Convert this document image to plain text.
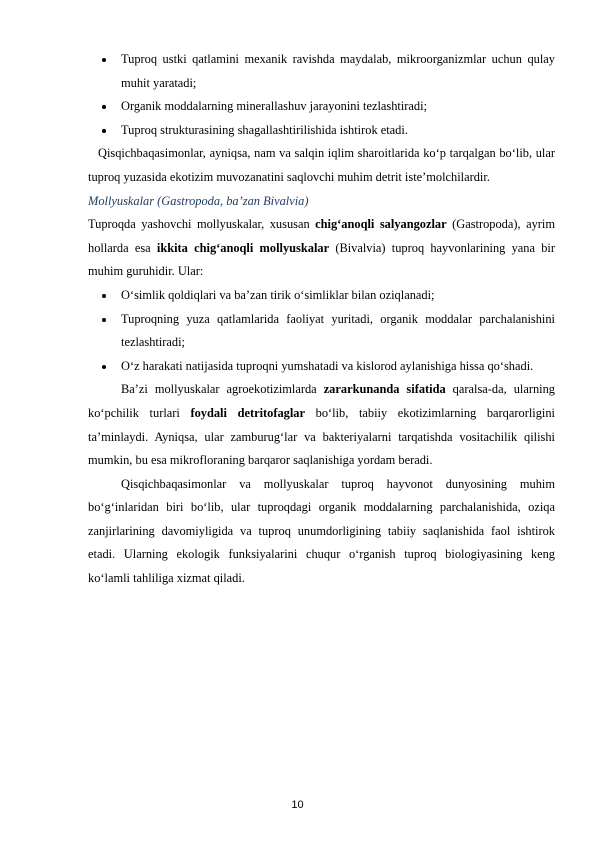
Tuproq ustki qatlamini mexanik ravishda maydalab, mikroorganizmlar uchun qulay muhit yaratadi;
Organik moddalarning minerallashuv jarayonini tezlashtiradi;
Tuproq strukturasining shagallashtirilishida ishtirok etadi.

Qisqichbaqasimonlar, ayniqsa, nam va salqin iqlim sharoitlarida ko‘p tarqalgan bo‘lib, ular tuproq yuzasida ekotizim muvozanatini saqlovchi muhim detrit iste’molchilardir.

Mollyuskalar (Gastropoda, ba’zan Bivalvia)

Tuproqda yashovchi mollyuskalar, xususan chig‘anoqli salyangozlar (Gastropoda), ayrim hollarda esa ikkita chig‘anoqli mollyuskalar (Bivalvia) tuproq hayvonlarining yana bir muhim guruhidir. Ular:

O‘simlik qoldiqlari va ba’zan tirik o‘simliklar bilan oziqlanadi;
Tuproqning yuza qatlamlarida faoliyat yuritadi, organik moddalar parchalanishini tezlashtiradi;
O‘z harakati natijasida tuproqni yumshatadi va kislorod aylanishiga hissa qo‘shadi.

Ba’zi mollyuskalar agroekotizimlarda zararkunanda sifatida qaralsa-da, ularning ko‘pchilik turlari foydali detritofaglar bo‘lib, tabiiy ekotizimlarning barqarorligini ta’minlaydi. Ayniqsa, ular zamburug‘lar va bakteriyalarni tarqatishda vositachilik qilishi mumkin, bu esa mikrofloraning barqaror saqlanishiga yordam beradi.

Qisqichbaqasimonlar va mollyuskalar tuproq hayvonot dunyosining muhim bo‘g‘inlaridan biri bo‘lib, ular tuproqdagi organik moddalarning parchalanishida, oziqa zanjirlarining davomiyligida va tuproq unumdorligining tabiiy saqlanishida faol ishtirok etadi. Ularning ekologik funksiyalarini chuqur o‘rganish tuproq biologiyasining keng ko‘lamli tahliliga xizmat qiladi.

10
